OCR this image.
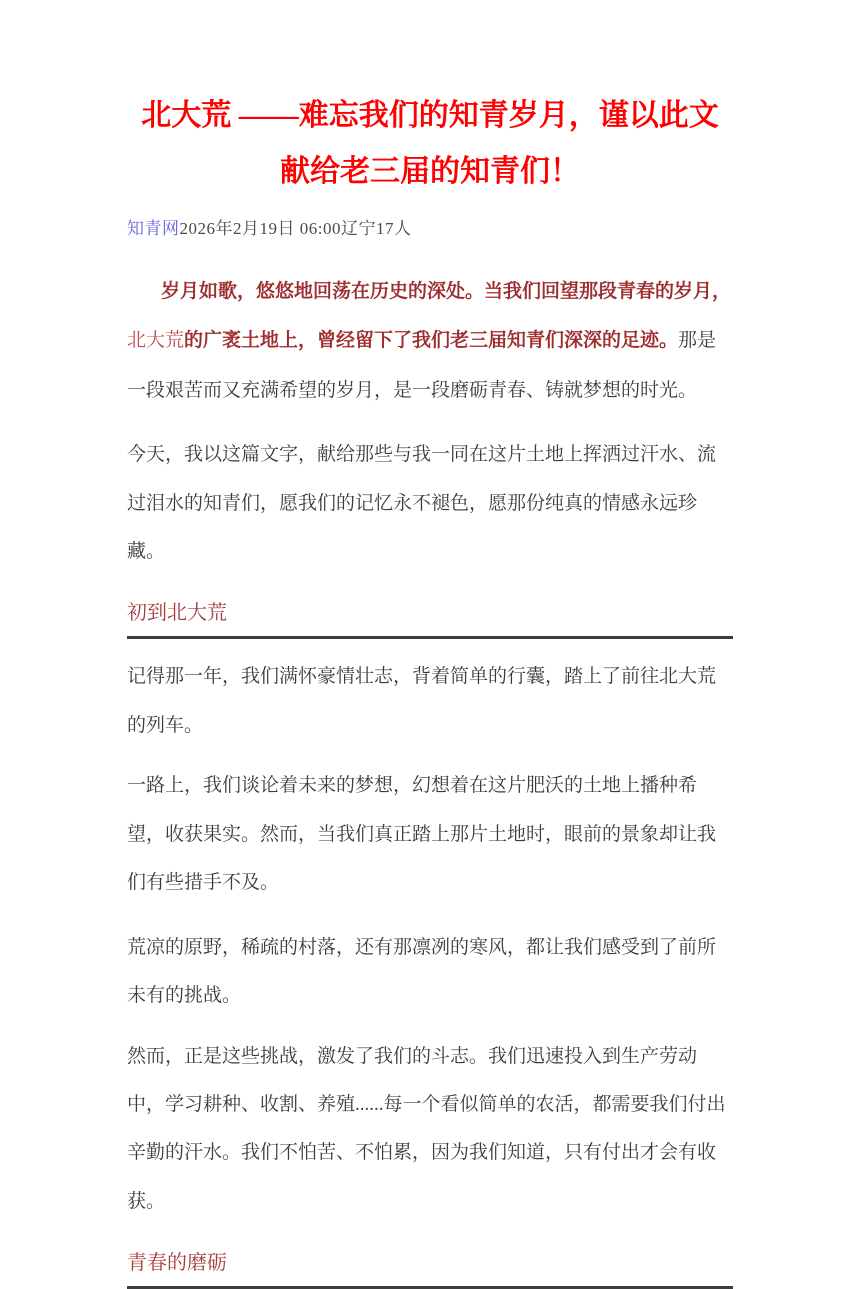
北大荒 ——难忘我们的知青岁月，谨以此文献给老三届的知青们！
知青网2026年2月19日 06:00辽宁17人

岁月如歌，悠悠地回荡在历史的深处。当我们回望那段青春的岁月，北大荒的广袤土地上，曾经留下了我们老三届知青们深深的足迹。那是一段艰苦而又充满希望的岁月，是一段磨砺青春、铸就梦想的时光。

今天，我以这篇文字，献给那些与我一同在这片土地上挥洒过汗水、流过泪水的知青们，愿我们的记忆永不褪色，愿那份纯真的情感永远珍藏。

初到北大荒

记得那一年，我们满怀豪情壮志，背着简单的行囊，踏上了前往北大荒的列车。

一路上，我们谈论着未来的梦想，幻想着在这片肥沃的土地上播种希望，收获果实。然而，当我们真正踏上那片土地时，眼前的景象却让我们有些措手不及。

荒凉的原野，稀疏的村落，还有那凛冽的寒风，都让我们感受到了前所未有的挑战。

然而，正是这些挑战，激发了我们的斗志。我们迅速投入到生产劳动中，学习耕种、收割、养殖......每一个看似简单的农活，都需要我们付出辛勤的汗水。我们不怕苦、不怕累，因为我们知道，只有付出才会有收获。

青春的磨砺
